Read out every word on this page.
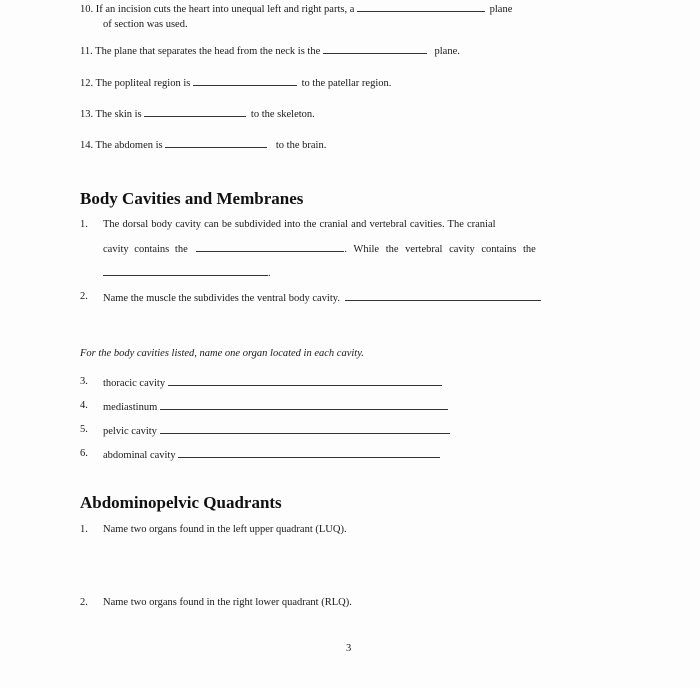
10. If an incision cuts the heart into unequal left and right parts, a	plane
of section was used.
11. The plane that separates the head from the neck is the	plane.
12. The popliteal region is	to the patellar region.
13. The skin is	to the skeleton.
14. The abdomen is	to the brain.
Body Cavities and Membranes
1. The dorsal body cavity can be subdivided into the cranial and vertebral cavities. The cranial
cavity contains the	. While the vertebral cavity contains the
.
2. Name the muscle the subdivides the ventral body cavity.
For the body cavities listed, name one organ located in each cavity.
3. thoracic cavity
4. mediastinum
5. pelvic cavity
6. abdominal cavity
Abdominopelvic Quadrants
1. Name two organs found in the left upper quadrant (LUQ).
2. Name two organs found in the right lower quadrant (RLQ).
3
